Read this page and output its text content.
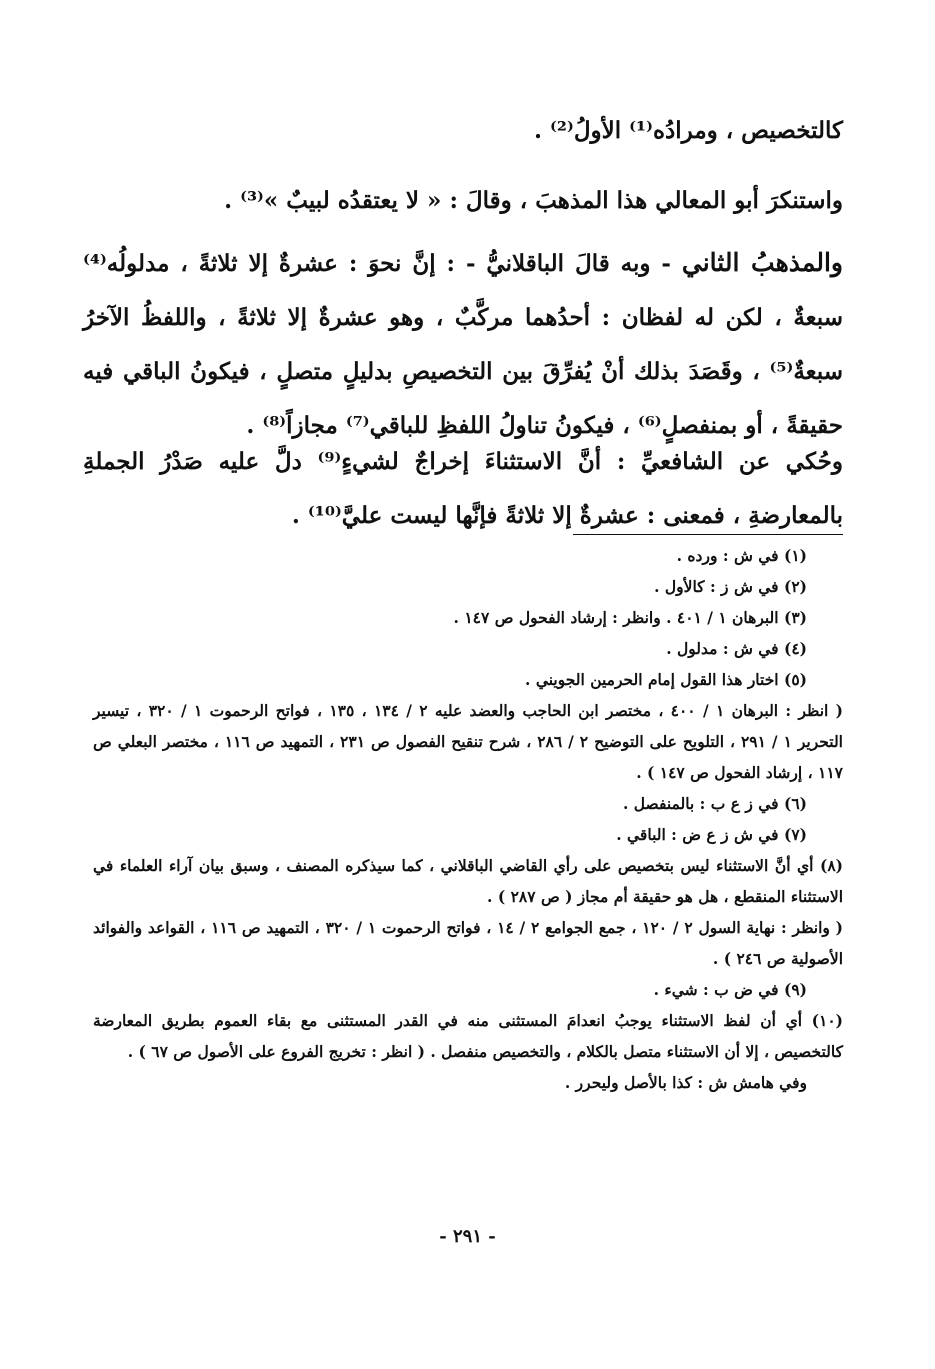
كالتخصيص ، ومرادُه⁽¹⁾ الأولُ⁽²⁾ .

واستنكرَ أبو المعالي هذا المذهبَ ، وقالَ : « لا يعتقدُه لبيبٌ »⁽³⁾ .

والمذهبُ الثاني - وبه قالَ الباقلانيُّ - : إنَّ نحوَ : عشرةٌ إلا ثلاثةً ، مدلولُه⁽⁴⁾ سبعةٌ ، لكن له لفظان : أحدُهما مركَّبٌ ، وهو عشرةٌ إلا ثلاثةً ، واللفظُ الآخرُ سبعةٌ⁽⁵⁾ ، وقَصَدَ بذلك أنْ يُفرِّقَ بين التخصيصِ بدليلٍ متصلٍ ، فيكونُ الباقي فيه حقيقةً ، أو بمنفصلٍ⁽⁶⁾ ، فيكونُ تناولُ اللفظِ للباقي⁽⁷⁾ مجازاً⁽⁸⁾ .

وحُكي عن الشافعيِّ : أنَّ الاستثناءَ إخراجٌ لشيءٍ⁽⁹⁾ دلَّ عليه صَدْرُ الجملةِ بالمعارضةِ ، فمعنى : عشرةٌ إلا ثلاثةً فإنَّها ليست عليَّ⁽¹⁰⁾ .

(١) في ش : ورده .

(٢) في ش ز : كالأول .

(٣) البرهان ١ / ٤٠١ . وانظر : إرشاد الفحول ص ١٤٧ .

(٤) في ش : مدلول .

(٥) اختار هذا القول إمام الحرمين الجويني .

( انظر : البرهان ١ / ٤٠٠ ، مختصر ابن الحاجب والعضد عليه ٢ / ١٣٤ ، ١٣٥ ، فواتح الرحموت ١ / ٣٢٠ ، تيسير التحرير ١ / ٢٩١ ، التلويح على التوضيح ٢ / ٢٨٦ ، شرح تنقيح الفصول ص ٢٣١ ، التمهيد ص ١١٦ ، مختصر البعلي ص ١١٧ ، إرشاد الفحول ص ١٤٧ ) .

(٦) في ز ع ب : بالمنفصل .

(٧) في ش ز ع ض : الباقي .

(٨) أي أنَّ الاستثناء ليس بتخصيص على رأي القاضي الباقلاني ، كما سيذكره المصنف ، وسبق بيان آراء العلماء في الاستثناء المنقطع ، هل هو حقيقة أم مجاز ( ص ٢٨٧ ) .

( وانظر : نهاية السول ٢ / ١٢٠ ، جمع الجوامع ٢ / ١٤ ، فواتح الرحموت ١ / ٣٢٠ ، التمهيد ص ١١٦ ، القواعد والفوائد الأصولية ص ٢٤٦ ) .

(٩) في ض ب : شيء .

(١٠) أي أن لفظ الاستثناء يوجبُ انعدامَ المستثنى منه في القدر المستثنى مع بقاء العموم بطريق المعارضة كالتخصيص ، إلا أن الاستثناء متصل بالكلام ، والتخصيص منفصل . ( انظر : تخريج الفروع على الأصول ص ٦٧ ) .

وفي هامش ش : كذا بالأصل وليحرر .

- ٢٩١ -
